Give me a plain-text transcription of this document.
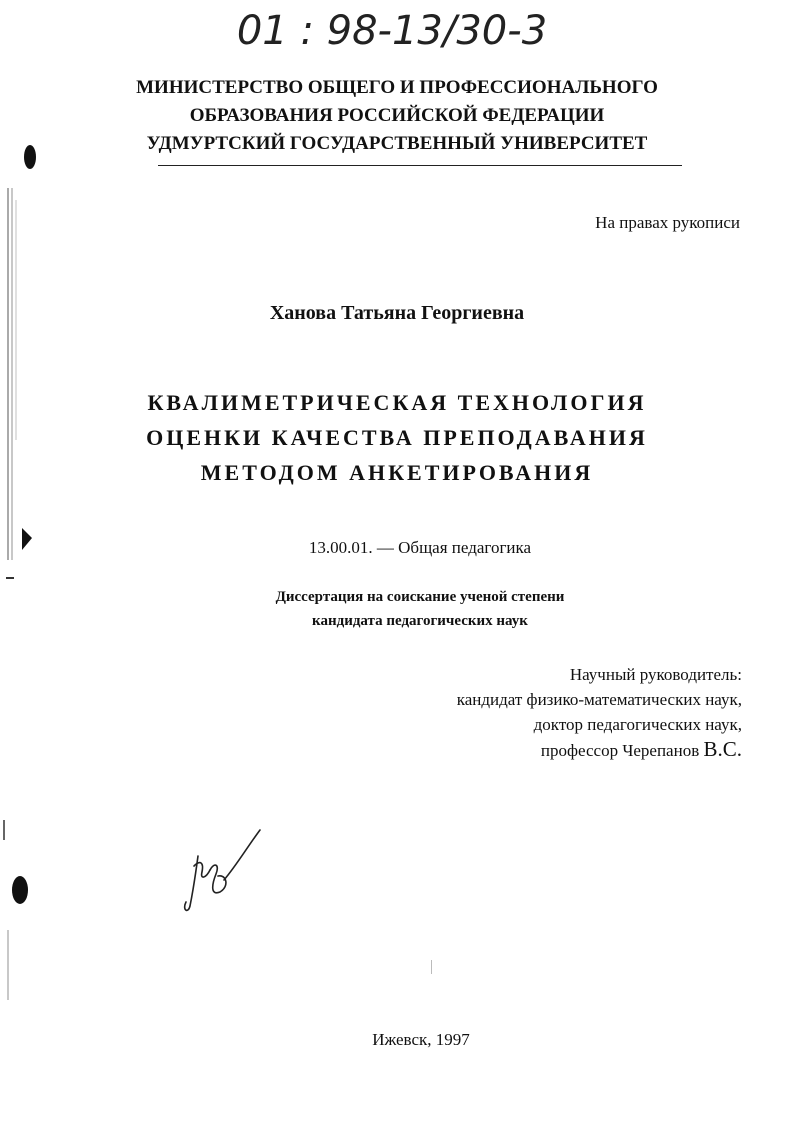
01 : 98-13/30-3
МИНИСТЕРСТВО ОБЩЕГО И ПРОФЕССИОНАЛЬНОГО
ОБРАЗОВАНИЯ РОССИЙСКОЙ ФЕДЕРАЦИИ
УДМУРТСКИЙ ГОСУДАРСТВЕННЫЙ УНИВЕРСИТЕТ
На правах рукописи
Ханова Татьяна Георгиевна
КВАЛИМЕТРИЧЕСКАЯ ТЕХНОЛОГИЯ
ОЦЕНКИ КАЧЕСТВА ПРЕПОДАВАНИЯ
МЕТОДОМ АНКЕТИРОВАНИЯ
13.00.01. — Общая педагогика
Диссертация на соискание ученой степени
кандидата педагогических наук
Научный руководитель:
кандидат физико-математических наук,
доктор педагогических наук,
профессор Черепанов В.С.
Ижевск, 1997
